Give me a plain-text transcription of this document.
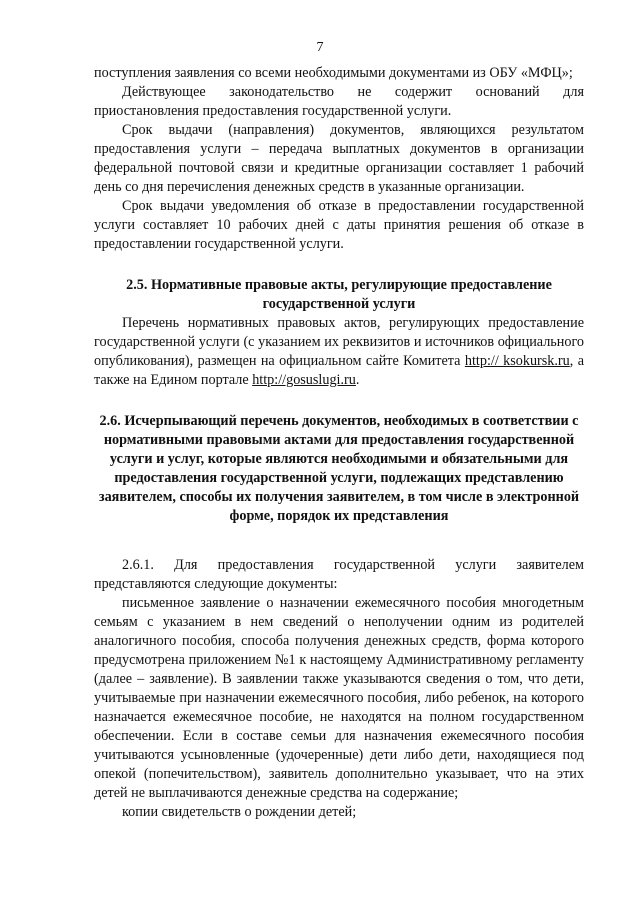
7

поступления заявления со всеми необходимыми документами из ОБУ «МФЦ»;

Действующее законодательство не содержит оснований для приостановления предоставления государственной услуги.

Срок выдачи (направления) документов, являющихся результатом предоставления услуги – передача выплатных документов в организации федеральной почтовой связи и кредитные организации составляет 1 рабочий день со дня перечисления денежных средств в указанные организации.

Срок выдачи уведомления об отказе в предоставлении государственной услуги составляет 10 рабочих дней с даты принятия решения об отказе в предоставлении государственной услуги.

2.5. Нормативные правовые акты, регулирующие предоставление государственной услуги

Перечень нормативных правовых актов, регулирующих предоставление государственной услуги (с указанием их реквизитов и источников официального опубликования), размещен на официальном сайте Комитета http:// ksokursk.ru, а также на Едином портале http://gosuslugi.ru.

2.6. Исчерпывающий перечень документов, необходимых в соответствии с нормативными правовыми актами для предоставления государственной услуги и услуг, которые являются необходимыми и обязательными для предоставления государственной услуги, подлежащих представлению заявителем, способы их получения заявителем, в том числе в электронной форме, порядок их представления

2.6.1. Для предоставления государственной услуги заявителем представляются следующие документы:

письменное заявление о назначении ежемесячного пособия многодетным семьям с указанием в нем сведений о неполучении одним из родителей аналогичного пособия, способа получения денежных средств, форма которого предусмотрена приложением №1 к настоящему Административному регламенту (далее – заявление). В заявлении также указываются сведения о том, что дети, учитываемые при назначении ежемесячного пособия, либо ребенок, на которого назначается ежемесячное пособие, не находятся на полном государственном обеспечении. Если в составе семьи для назначения ежемесячного пособия учитываются усыновленные (удочеренные) дети либо дети, находящиеся под опекой (попечительством), заявитель дополнительно указывает, что на этих детей не выплачиваются денежные средства на содержание;

копии свидетельств о рождении детей;
